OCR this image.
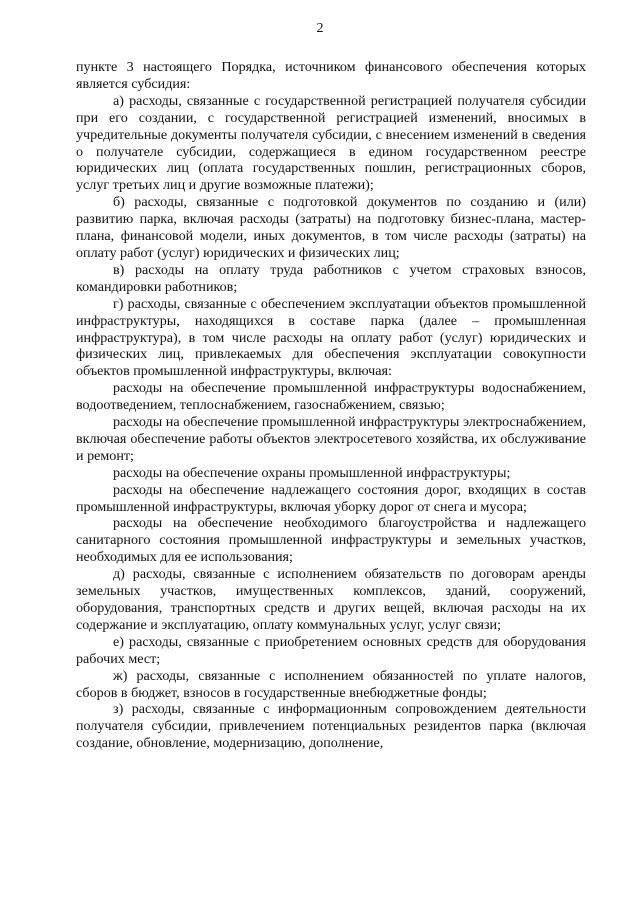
2

пункте 3 настоящего Порядка, источником финансового обеспечения которых является субсидия:

а) расходы, связанные с государственной регистрацией получателя субсидии при его создании, с государственной регистрацией изменений, вносимых в учредительные документы получателя субсидии, с внесением изменений в сведения о получателе субсидии, содержащиеся в едином государственном реестре юридических лиц (оплата государственных пошлин, регистрационных сборов, услуг третьих лиц и другие возможные платежи);

б) расходы, связанные с подготовкой документов по созданию и (или) развитию парка, включая расходы (затраты) на подготовку бизнес-плана, мастер-плана, финансовой модели, иных документов, в том числе расходы (затраты) на оплату работ (услуг) юридических и физических лиц;

в) расходы на оплату труда работников с учетом страховых взносов, командировки работников;

г) расходы, связанные с обеспечением эксплуатации объектов промышленной инфраструктуры, находящихся в составе парка (далее – промышленная инфраструктура), в том числе расходы на оплату работ (услуг) юридических и физических лиц, привлекаемых для обеспечения эксплуатации совокупности объектов промышленной инфраструктуры, включая:

расходы на обеспечение промышленной инфраструктуры водоснабжением, водоотведением, теплоснабжением, газоснабжением, связью;

расходы на обеспечение промышленной инфраструктуры электроснабжением, включая обеспечение работы объектов электросетевого хозяйства, их обслуживание и ремонт;

расходы на обеспечение охраны промышленной инфраструктуры;

расходы на обеспечение надлежащего состояния дорог, входящих в состав промышленной инфраструктуры, включая уборку дорог от снега и мусора;

расходы на обеспечение необходимого благоустройства и надлежащего санитарного состояния промышленной инфраструктуры и земельных участков, необходимых для ее использования;

д) расходы, связанные с исполнением обязательств по договорам аренды земельных участков, имущественных комплексов, зданий, сооружений, оборудования, транспортных средств и других вещей, включая расходы на их содержание и эксплуатацию, оплату коммунальных услуг, услуг связи;

е) расходы, связанные с приобретением основных средств для оборудования рабочих мест;

ж) расходы, связанные с исполнением обязанностей по уплате налогов, сборов в бюджет, взносов в государственные внебюджетные фонды;

з) расходы, связанные с информационным сопровождением деятельности получателя субсидии, привлечением потенциальных резидентов парка (включая создание, обновление, модернизацию, дополнение,
